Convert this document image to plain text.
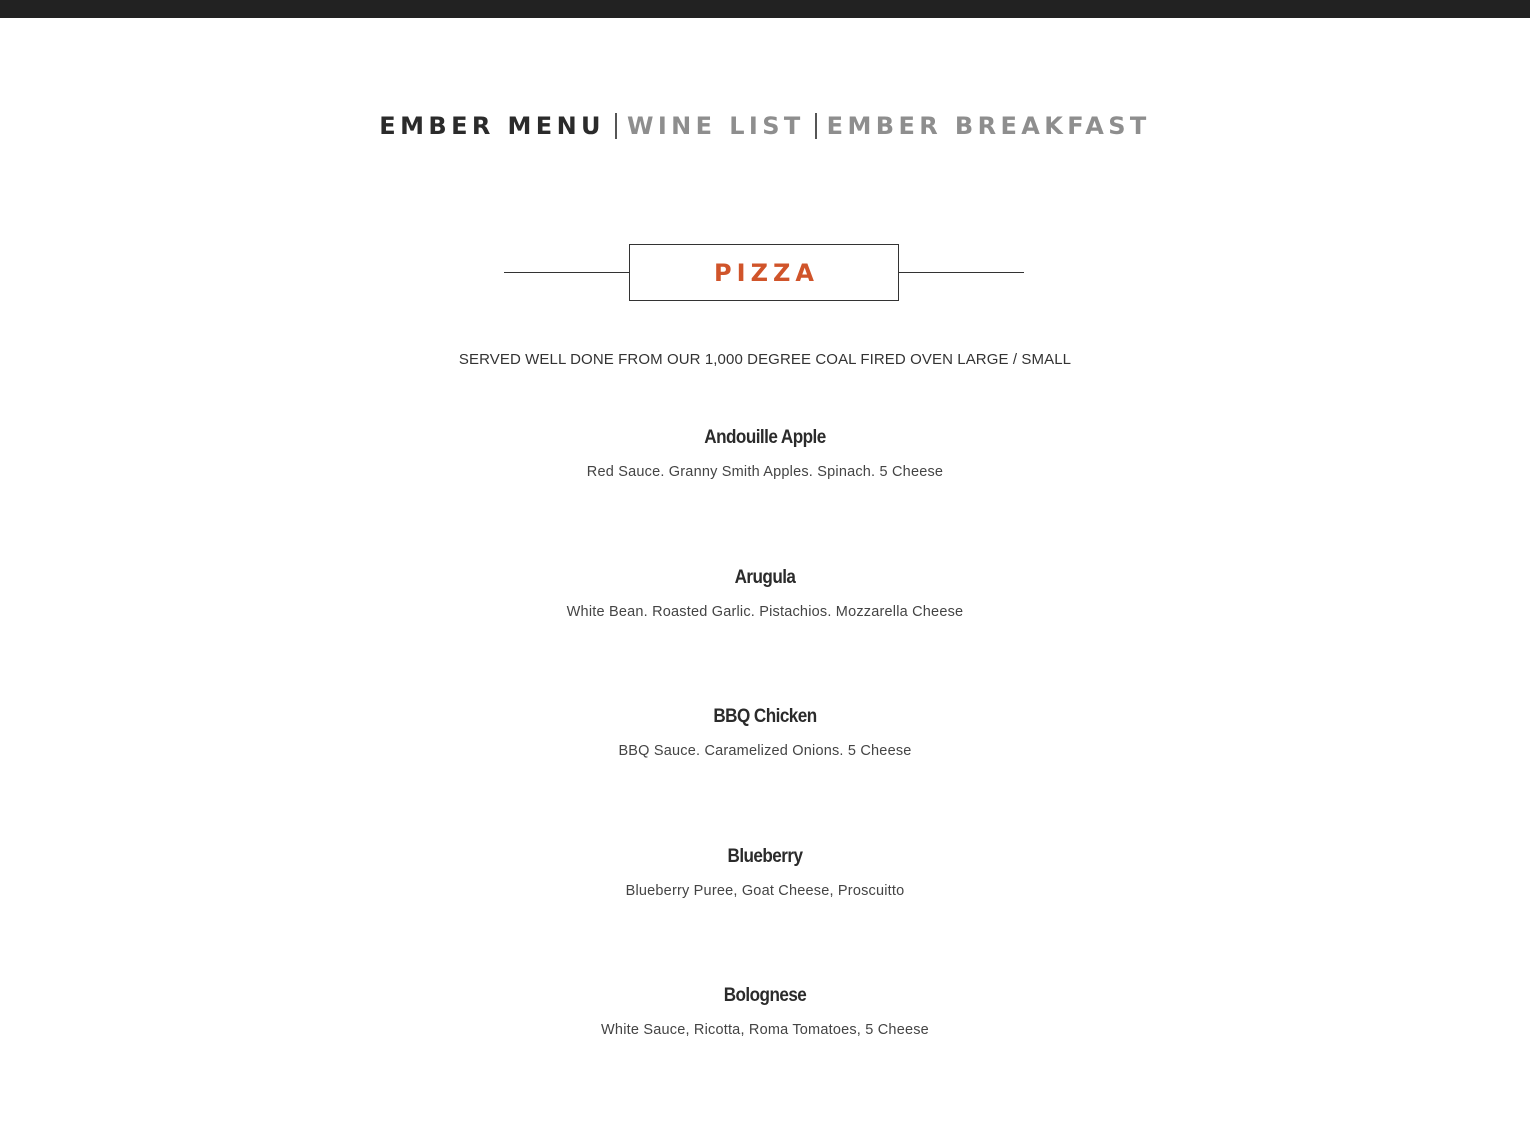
EMBER MENU WINE LIST EMBER BREAKFAST
PIZZA
SERVED WELL DONE FROM OUR 1,000 DEGREE COAL FIRED OVEN LARGE / SMALL
Andouille Apple
Red Sauce. Granny Smith Apples. Spinach. 5 Cheese
Arugula
White Bean. Roasted Garlic. Pistachios. Mozzarella Cheese
BBQ Chicken
BBQ Sauce. Caramelized Onions. 5 Cheese
Blueberry
Blueberry Puree, Goat Cheese, Proscuitto
Bolognese
White Sauce, Ricotta, Roma Tomatoes, 5 Cheese
